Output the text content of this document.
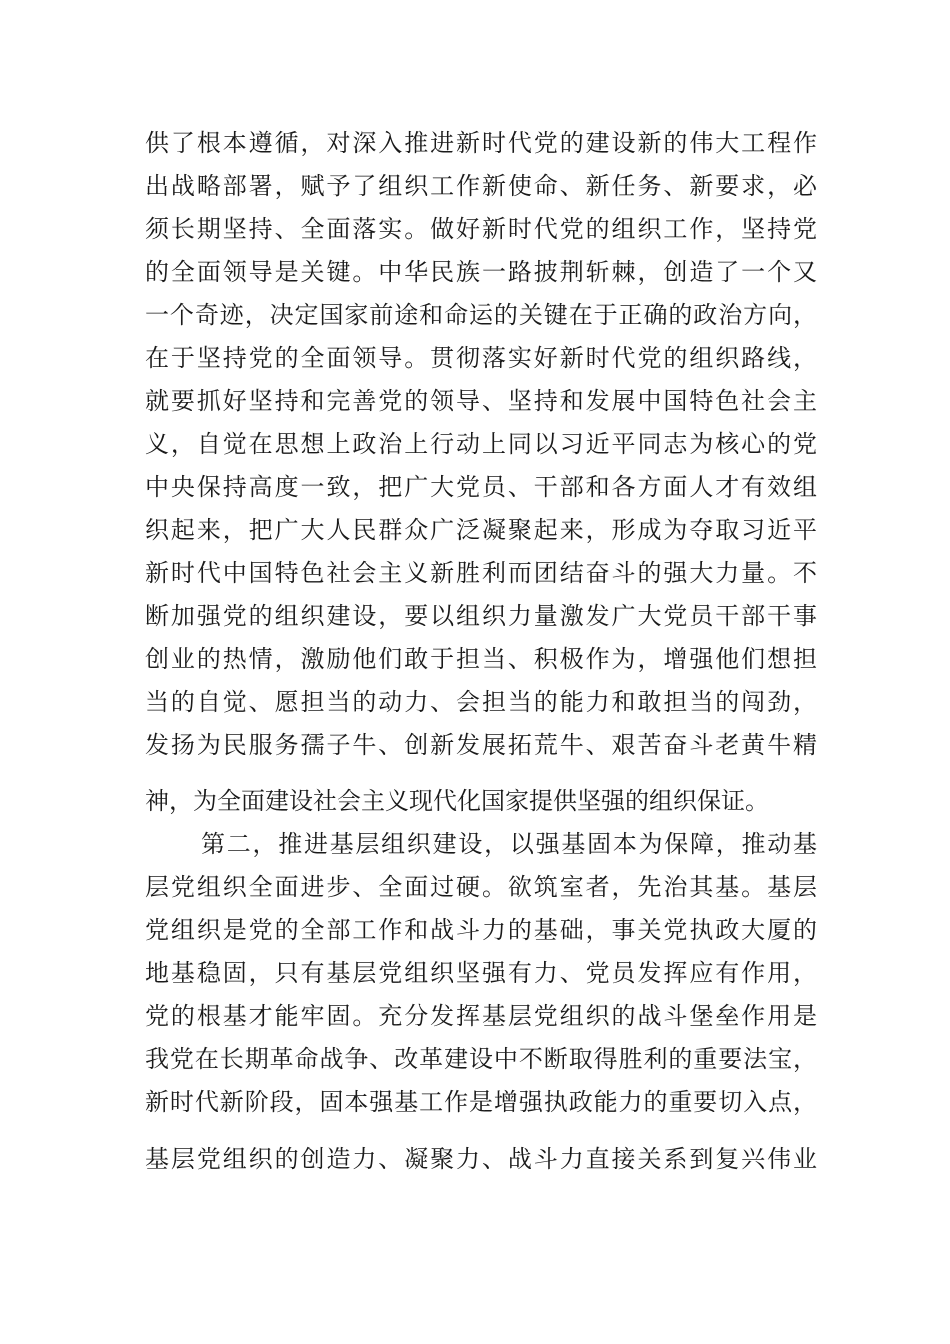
供了根本遵循，对深入推进新时代党的建设新的伟大工程作
出战略部署，赋予了组织工作新使命、新任务、新要求，必
须长期坚持、全面落实。做好新时代党的组织工作，坚持党
的全面领导是关键。中华民族一路披荆斩棘，创造了一个又
一个奇迹，决定国家前途和命运的关键在于正确的政治方向，
在于坚持党的全面领导。贯彻落实好新时代党的组织路线，
就要抓好坚持和完善党的领导、坚持和发展中国特色社会主
义，自觉在思想上政治上行动上同以习近平同志为核心的党
中央保持高度一致，把广大党员、干部和各方面人才有效组
织起来，把广大人民群众广泛凝聚起来，形成为夺取习近平
新时代中国特色社会主义新胜利而团结奋斗的强大力量。不
断加强党的组织建设，要以组织力量激发广大党员干部干事
创业的热情，激励他们敢于担当、积极作为，增强他们想担
当的自觉、愿担当的动力、会担当的能力和敢担当的闯劲，
发扬为民服务孺子牛、创新发展拓荒牛、艰苦奋斗老黄牛精
神，为全面建设社会主义现代化国家提供坚强的组织保证。
第二，推进基层组织建设，以强基固本为保障，推动基
层党组织全面进步、全面过硬。欲筑室者，先治其基。基层
党组织是党的全部工作和战斗力的基础，事关党执政大厦的
地基稳固，只有基层党组织坚强有力、党员发挥应有作用，
党的根基才能牢固。充分发挥基层党组织的战斗堡垒作用是
我党在长期革命战争、改革建设中不断取得胜利的重要法宝，
新时代新阶段，固本强基工作是增强执政能力的重要切入点，
基层党组织的创造力、凝聚力、战斗力直接关系到复兴伟业
